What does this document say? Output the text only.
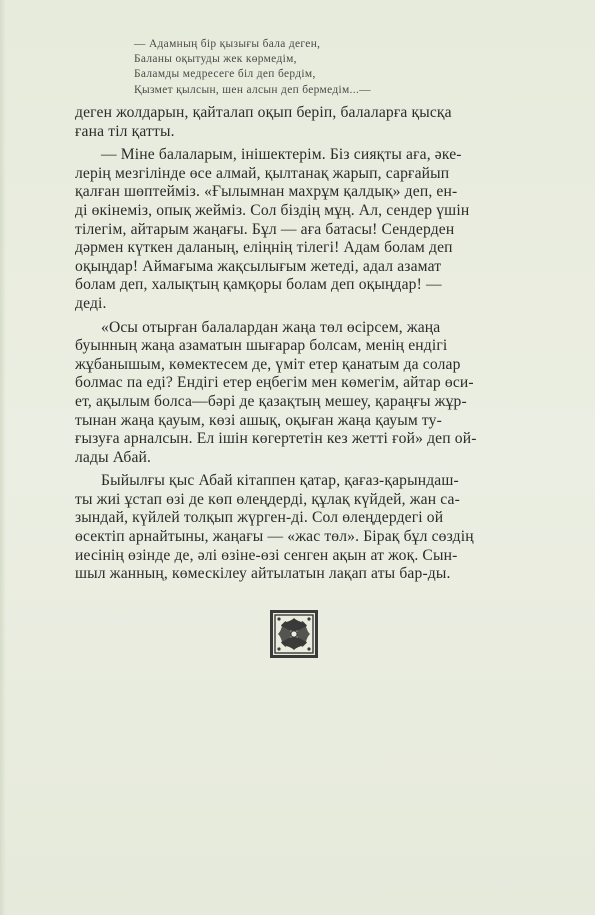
— Адамның бір қызығы бала деген,
Баланы оқытуды жек көрмедім,
Баламды медресеге біл деп бердім,
Қызмет қылсын, шен алсын деп бермедім...—

деген жолдарын, қайталап оқып беріп, балаларға қысқа
ғана тіл қатты.

— Міне балаларым, інішектерім. Біз сияқты аға, әке-
лерің мезгілінде өсе алмай, қылтанақ жарып, сарғайып
қалған шөптейміз. «Ғылымнан махрұм қалдық» деп, ен-
ді өкінеміз, опық жейміз. Сол біздің мұң. Ал, сендер үшін
тілегім, айтарым жаңағы. Бұл — аға батасы! Сендерден
дәрмен күткен даланың, еліңнің тілегі! Адам болам деп
оқыңдар! Аймағыма жақсылығым жетеді, адал азамат
болам деп, халықтың қамқоры болам деп оқыңдар! —
деді.

«Осы отырған балалардан жаңа төл өсірсем, жаңа
буынның жаңа азаматын шығарар болсам, менің ендігі
жұбанышым, көмектесем де, үміт етер қанатым да солар
болмас па еді? Ендігі етер еңбегім мен көмегім, айтар өси-
ет, ақылым болса—бәрі де қазақтың мешеу, қараңғы жұр-
тынан жаңа қауым, көзі ашық, оқыған жаңа қауым ту-
ғызуға арналсын. Ел ішін көгертетін кез жетті ғой» деп ой-
лады Абай.

Быйылғы қыс Абай кітаппен қатар, қағаз-қарындаш-
ты жиі ұстап өзі де көп өлеңдерді, құлақ күйдей, жан са-
зындай, күйлей толқып жүрген-ді. Сол өлеңдердегі ой
өсектіп арнайтыны, жаңағы — «жас төл». Бірақ бұл сөздің
иесінің өзінде де, әлі өзіне-өзі сенген ақын ат жоқ. Сын-
шыл жанның, көмескілеу айтылатын лақап аты бар-ды.
